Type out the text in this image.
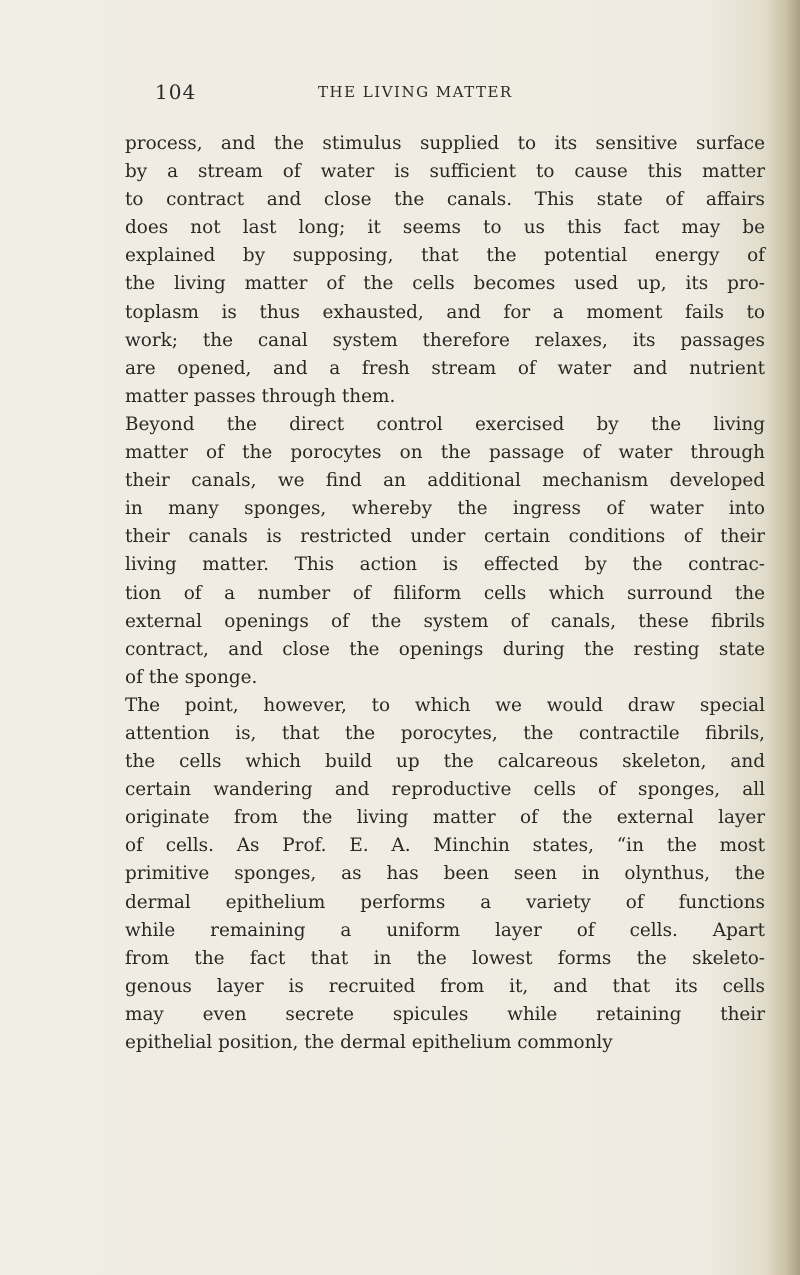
104	THE LIVING MATTER
process, and the stimulus supplied to its sensitive surface
by a stream of water is sufficient to cause this matter
to contract and close the canals. This state of affairs
does not last long; it seems to us this fact may be
explained by supposing, that the potential energy of
the living matter of the cells becomes used up, its pro-
toplasm is thus exhausted, and for a moment fails to
work; the canal system therefore relaxes, its passages
are opened, and a fresh stream of water and nutrient
matter passes through them.
Beyond the direct control exercised by the living
matter of the porocytes on the passage of water through
their canals, we find an additional mechanism developed
in many sponges, whereby the ingress of water into
their canals is restricted under certain conditions of their
living matter. This action is effected by the contrac-
tion of a number of filiform cells which surround the
external openings of the system of canals, these fibrils
contract, and close the openings during the resting state
of the sponge.
The point, however, to which we would draw special
attention is, that the porocytes, the contractile fibrils,
the cells which build up the calcareous skeleton, and
certain wandering and reproductive cells of sponges, all
originate from the living matter of the external layer
of cells. As Prof. E. A. Minchin states, “in the most
primitive sponges, as has been seen in olynthus, the
dermal epithelium performs a variety of functions
while remaining a uniform layer of cells. Apart
from the fact that in the lowest forms the skeleto-
genous layer is recruited from it, and that its cells
may even secrete spicules while retaining their
epithelial position, the dermal epithelium commonly
